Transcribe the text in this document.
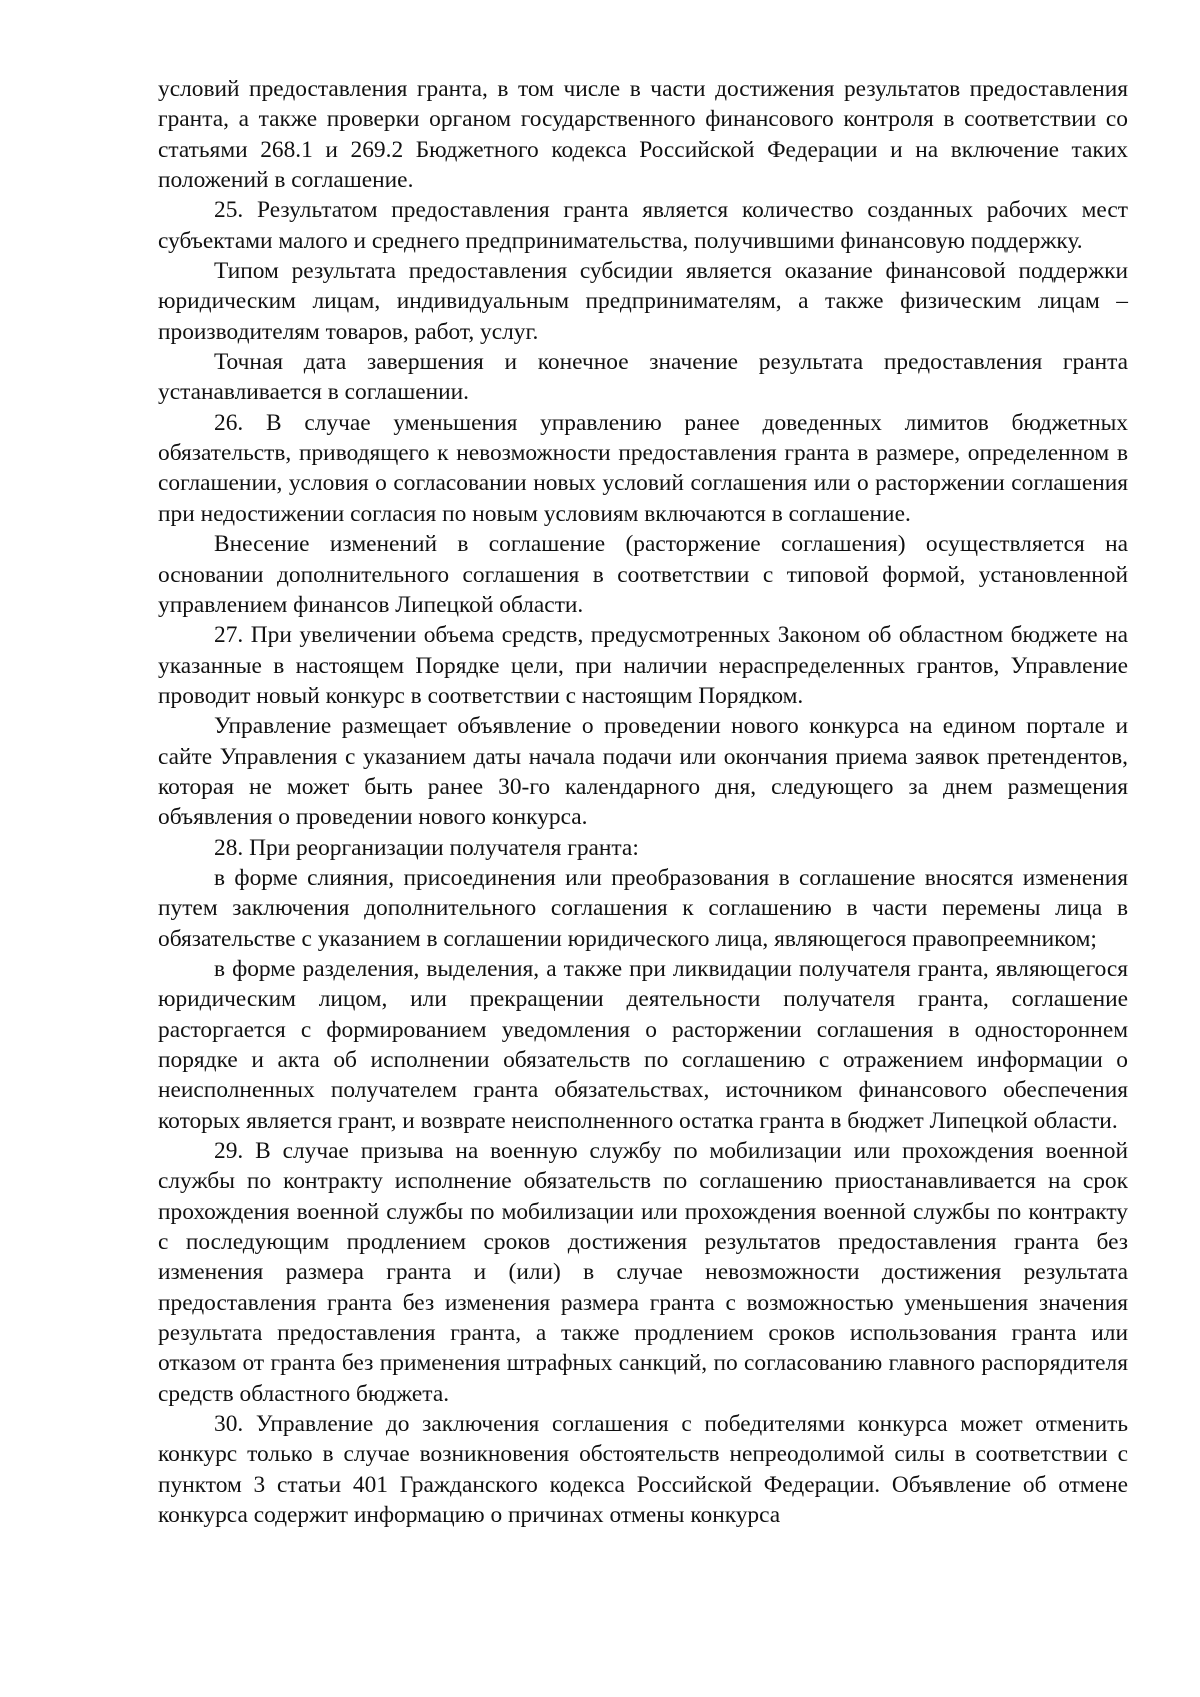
условий предоставления гранта, в том числе в части достижения результатов предоставления гранта, а также проверки органом государственного финансового контроля в соответствии со статьями 268.1 и 269.2 Бюджетного кодекса Российской Федерации и на включение таких положений в соглашение.

25. Результатом предоставления гранта является количество созданных рабочих мест субъектами малого и среднего предпринимательства, получившими финансовую поддержку.

Типом результата предоставления субсидии является оказание финансовой поддержки юридическим лицам, индивидуальным предпринимателям, а также физическим лицам – производителям товаров, работ, услуг.

Точная дата завершения и конечное значение результата предоставления гранта устанавливается в соглашении.

26. В случае уменьшения управлению ранее доведенных лимитов бюджетных обязательств, приводящего к невозможности предоставления гранта в размере, определенном в соглашении, условия о согласовании новых условий соглашения или о расторжении соглашения при недостижении согласия по новым условиям включаются в соглашение.

Внесение изменений в соглашение (расторжение соглашения) осуществляется на основании дополнительного соглашения в соответствии с типовой формой, установленной управлением финансов Липецкой области.

27. При увеличении объема средств, предусмотренных Законом об областном бюджете на указанные в настоящем Порядке цели, при наличии нераспределенных грантов, Управление проводит новый конкурс в соответствии с настоящим Порядком.

Управление размещает объявление о проведении нового конкурса на едином портале и сайте Управления с указанием даты начала подачи или окончания приема заявок претендентов, которая не может быть ранее 30-го календарного дня, следующего за днем размещения объявления о проведении нового конкурса.

28. При реорганизации получателя гранта:

в форме слияния, присоединения или преобразования в соглашение вносятся изменения путем заключения дополнительного соглашения к соглашению в части перемены лица в обязательстве с указанием в соглашении юридического лица, являющегося правопреемником;

в форме разделения, выделения, а также при ликвидации получателя гранта, являющегося юридическим лицом, или прекращении деятельности получателя гранта, соглашение расторгается с формированием уведомления о расторжении соглашения в одностороннем порядке и акта об исполнении обязательств по соглашению с отражением информации о неисполненных получателем гранта обязательствах, источником финансового обеспечения которых является грант, и возврате неисполненного остатка гранта в бюджет Липецкой области.

29. В случае призыва на военную службу по мобилизации или прохождения военной службы по контракту исполнение обязательств по соглашению приостанавливается на срок прохождения военной службы по мобилизации или прохождения военной службы по контракту с последующим продлением сроков достижения результатов предоставления гранта без изменения размера гранта и (или) в случае невозможности достижения результата предоставления гранта без изменения размера гранта с возможностью уменьшения значения результата предоставления гранта, а также продлением сроков использования гранта или отказом от гранта без применения штрафных санкций, по согласованию главного распорядителя средств областного бюджета.

30. Управление до заключения соглашения с победителями конкурса может отменить конкурс только в случае возникновения обстоятельств непреодолимой силы в соответствии с пунктом 3 статьи 401 Гражданского кодекса Российской Федерации. Объявление об отмене конкурса содержит информацию о причинах отмены конкурса
